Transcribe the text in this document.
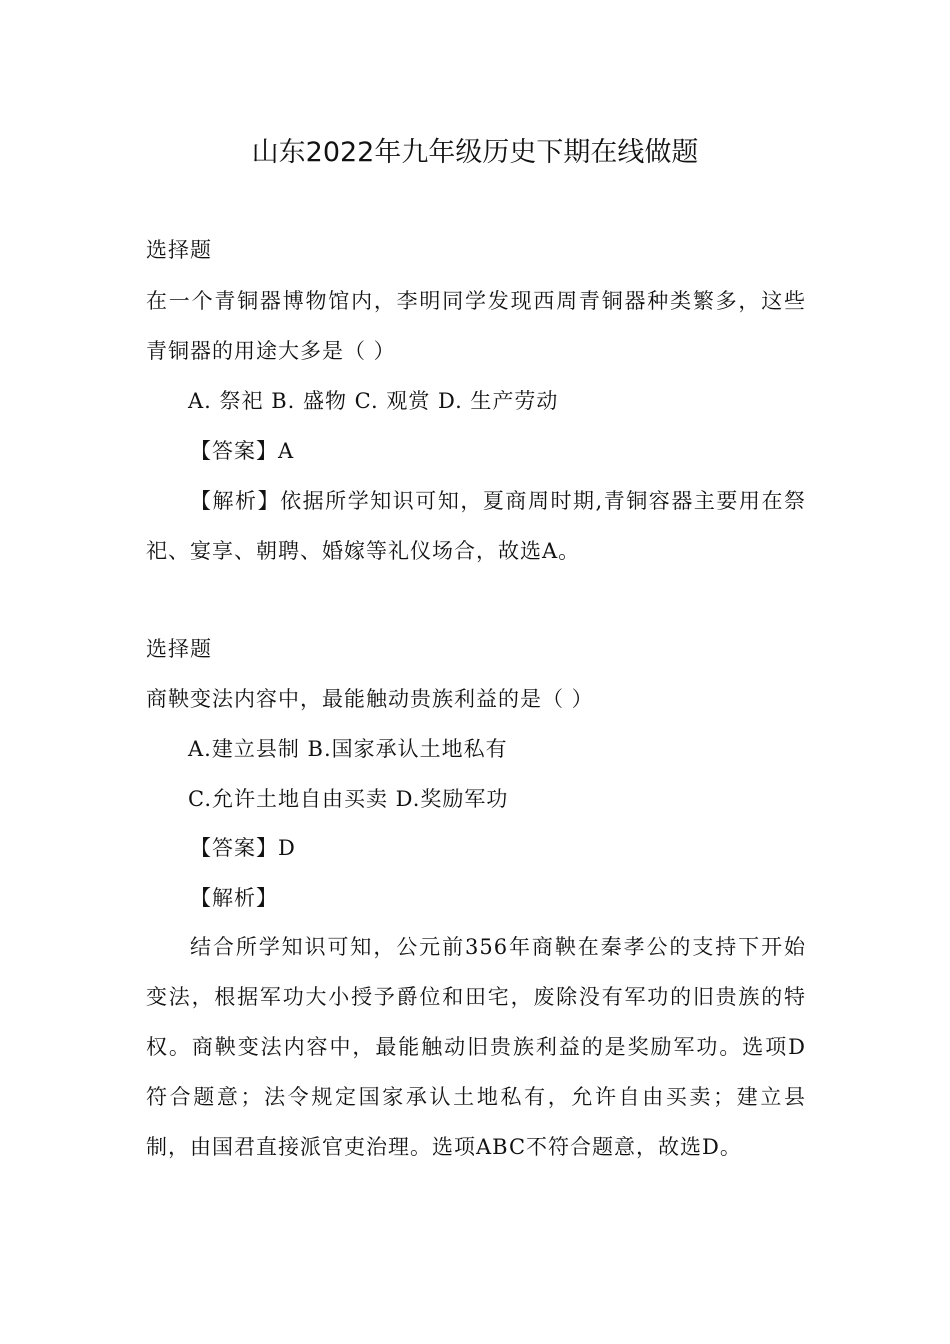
山东2022年九年级历史下期在线做题
选择题
在一个青铜器博物馆内，李明同学发现西周青铜器种类繁多，这些
青铜器的用途大多是（ ）
A. 祭祀 B. 盛物 C. 观赏 D. 生产劳动
【答案】A
【解析】依据所学知识可知，夏商周时期,青铜容器主要用在祭
祀、宴享、朝聘、婚嫁等礼仪场合，故选A。
选择题
商鞅变法内容中，最能触动贵族利益的是（ ）
A.建立县制 B.国家承认土地私有
C.允许土地自由买卖 D.奖励军功
【答案】D
【解析】
结合所学知识可知，公元前356年商鞅在秦孝公的支持下开始
变法，根据军功大小授予爵位和田宅，废除没有军功的旧贵族的特
权。商鞅变法内容中，最能触动旧贵族利益的是奖励军功。选项D
符合题意；法令规定国家承认土地私有，允许自由买卖；建立县
制，由国君直接派官吏治理。选项ABC不符合题意，故选D。
